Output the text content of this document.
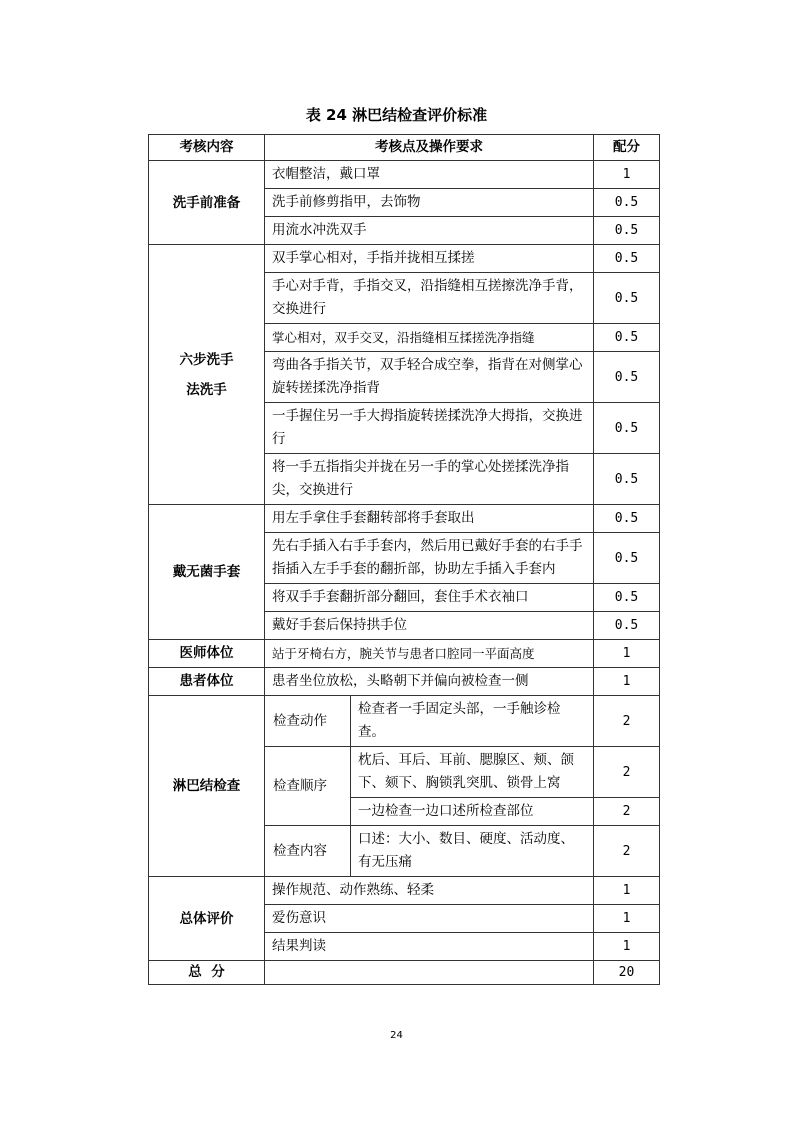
表 24 淋巴结检查评价标准
考核内容	考核点及操作要求		配分
洗手前准备	衣帽整洁，戴口罩		1
	洗手前修剪指甲，去饰物		0.5
	用流水冲洗双手		0.5
六步洗手法洗手	双手掌心相对，手指并拢相互揉搓		0.5
	手心对手背，手指交叉，沿指缝相互搓擦洗净手背，交换进行		0.5
	掌心相对，双手交叉，沿指缝相互揉搓洗净指缝		0.5
	弯曲各手指关节，双手轻合成空拳，指背在对侧掌心旋转搓揉洗净指背		0.5
	一手握住另一手大拇指旋转搓揉洗净大拇指，交换进行		0.5
	将一手五指指尖并拢在另一手的掌心处搓揉洗净指尖，交换进行		0.5
戴无菌手套	用左手拿住手套翻转部将手套取出		0.5
	先右手插入右手手套内，然后用已戴好手套的右手手指插入左手手套的翻折部，协助左手插入手套内		0.5
	将双手手套翻折部分翻回，套住手术衣袖口		0.5
	戴好手套后保持拱手位		0.5
医师体位	站于牙椅右方，腕关节与患者口腔同一平面高度		1
患者体位	患者坐位放松，头略朝下并偏向被检查一侧		1
淋巴结检查	检查动作	检查者一手固定头部，一手触诊检查。	2
	检查顺序	枕后、耳后、耳前、腮腺区、颊、颌下、颏下、胸锁乳突肌、锁骨上窝	2
		一边检查一边口述所检查部位	2
	检查内容	口述：大小、数目、硬度、活动度、有无压痛	2
总体评价	操作规范、动作熟练、轻柔		1
	爱伤意识		1
	结果判读		1
总  分			20
24
